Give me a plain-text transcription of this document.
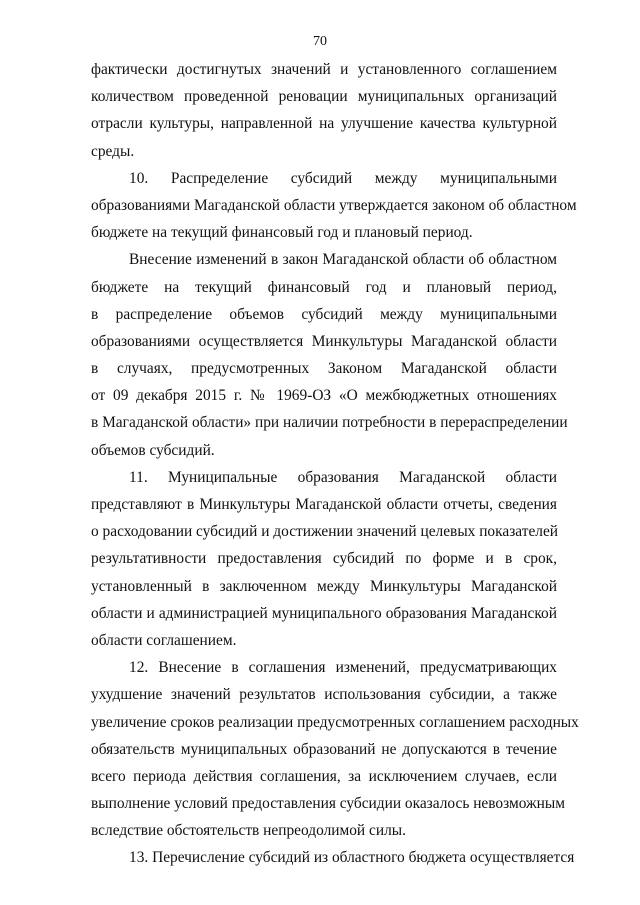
70
фактически достигнутых значений и установленного соглашением
количеством проведенной реновации муниципальных организаций
отрасли культуры, направленной на улучшение качества культурной
среды.
10. Распределение субсидий между муниципальными
образованиями Магаданской области утверждается законом об областном
бюджете на текущий финансовый год и плановый период.
Внесение изменений в закон Магаданской области об областном
бюджете на текущий финансовый год и плановый период,
в распределение объемов субсидий между муниципальными
образованиями осуществляется Минкультуры Магаданской области
в случаях, предусмотренных Законом Магаданской области
от 09 декабря 2015 г. № 1969-ОЗ «О межбюджетных отношениях
в Магаданской области» при наличии потребности в перераспределении
объемов субсидий.
11. Муниципальные образования Магаданской области
представляют в Минкультуры Магаданской области отчеты, сведения
о расходовании субсидий и достижении значений целевых показателей
результативности предоставления субсидий по форме и в срок,
установленный в заключенном между Минкультуры Магаданской
области и администрацией муниципального образования Магаданской
области соглашением.
12. Внесение в соглашения изменений, предусматривающих
ухудшение значений результатов использования субсидии, а также
увеличение сроков реализации предусмотренных соглашением расходных
обязательств муниципальных образований не допускаются в течение
всего периода действия соглашения, за исключением случаев, если
выполнение условий предоставления субсидии оказалось невозможным
вследствие обстоятельств непреодолимой силы.
13. Перечисление субсидий из областного бюджета осуществляется
